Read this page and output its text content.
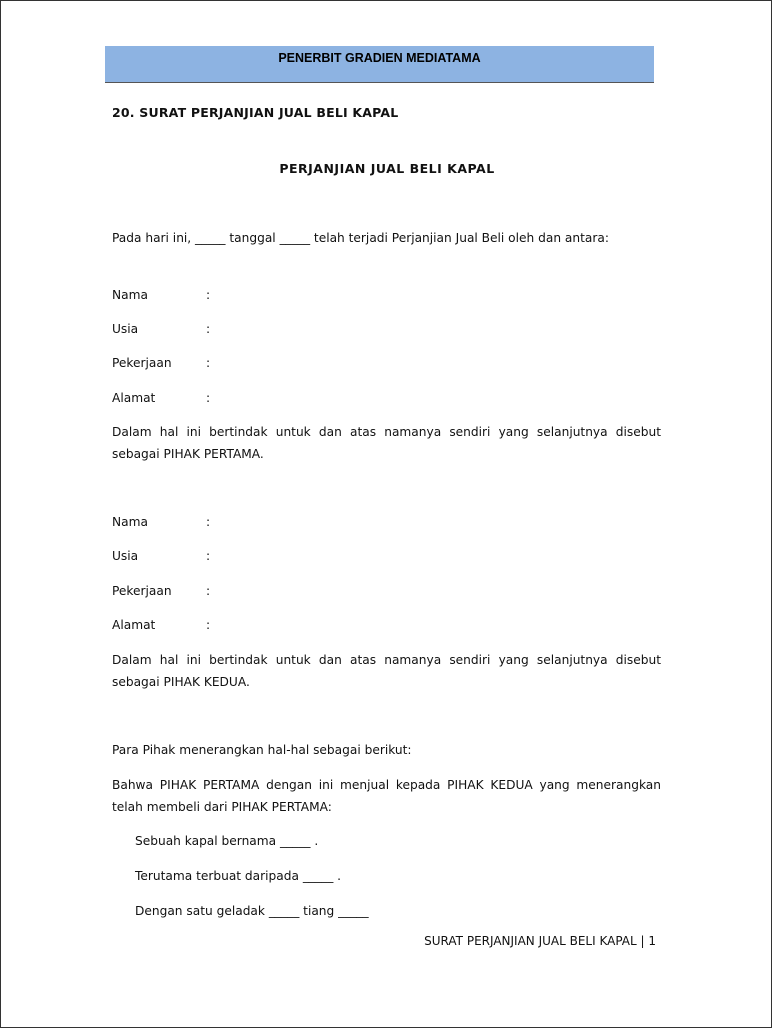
PENERBIT GRADIEN MEDIATAMA
20. SURAT PERJANJIAN JUAL BELI KAPAL
PERJANJIAN JUAL BELI KAPAL
Pada hari ini, _____ tanggal _____ telah terjadi Perjanjian Jual Beli oleh dan antara:
Nama	:
Usia	:
Pekerjaan	:
Alamat	:
Dalam hal ini bertindak untuk dan atas namanya sendiri yang selanjutnya disebut sebagai PIHAK PERTAMA.
Nama	:
Usia	:
Pekerjaan	:
Alamat	:
Dalam hal ini bertindak untuk dan atas namanya sendiri yang selanjutnya disebut sebagai PIHAK KEDUA.
Para Pihak menerangkan hal-hal sebagai berikut:
Bahwa PIHAK PERTAMA dengan ini menjual kepada PIHAK KEDUA yang menerangkan telah membeli dari PIHAK PERTAMA:
Sebuah kapal bernama _____ .
Terutama terbuat daripada _____ .
Dengan satu geladak _____ tiang _____
SURAT PERJANJIAN JUAL BELI KAPAL | 1
